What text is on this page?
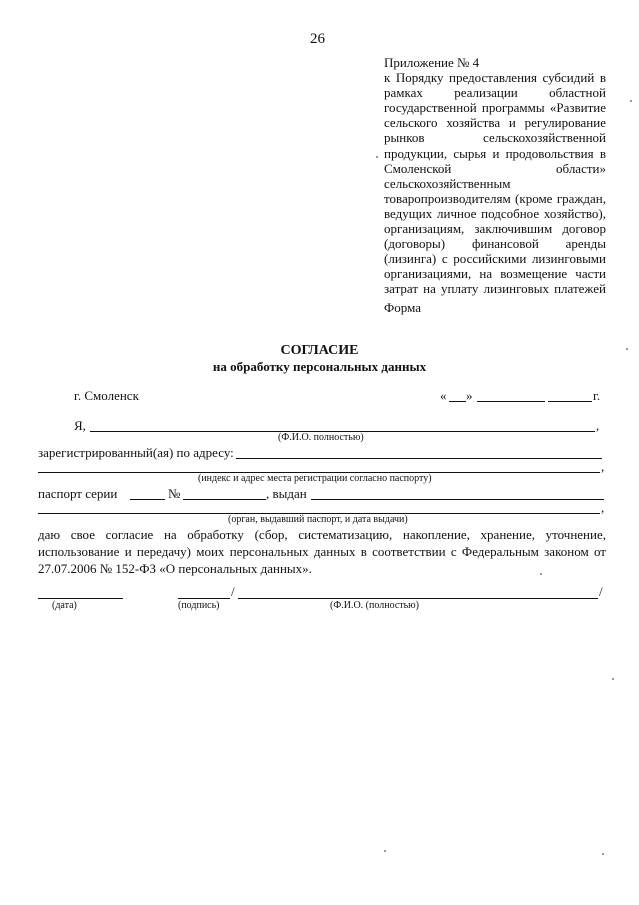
26
Приложение № 4
к Порядку предоставления субсидий в
рамках реализации областной
государственной программы «Развитие
сельского хозяйства и регулирование
рынков	сельскохозяйственной
продукции, сырья и продовольствия в
Смоленской	области»
сельскохозяйственным
товаропроизводителям (кроме граждан,
ведущих личное подсобное хозяйство),
организациям, заключившим договор
(договоры) финансовой аренды
(лизинга) с российскими лизинговыми
организациями, на возмещение части
затрат на уплату лизинговых платежей
Форма
СОГЛАСИЕ
на обработку персональных данных
г. Смоленск	« »	г.
Я,	,
(Ф.И.О. полностью)
зарегистрированный(ая) по адресу:
,
(индекс и адрес места регистрации согласно паспорту)
паспорт серии	№	, выдан
,
(орган, выдавший паспорт, и дата выдачи)
даю свое согласие на обработку (сбор, систематизацию, накопление, хранение, уточнение,
использование и передачу) моих персональных данных в соответствии с Федеральным законом от
27.07.2006 № 152-ФЗ «О персональных данных».
/	/
(дата)	(подпись)	(Ф.И.О. (полностью)
